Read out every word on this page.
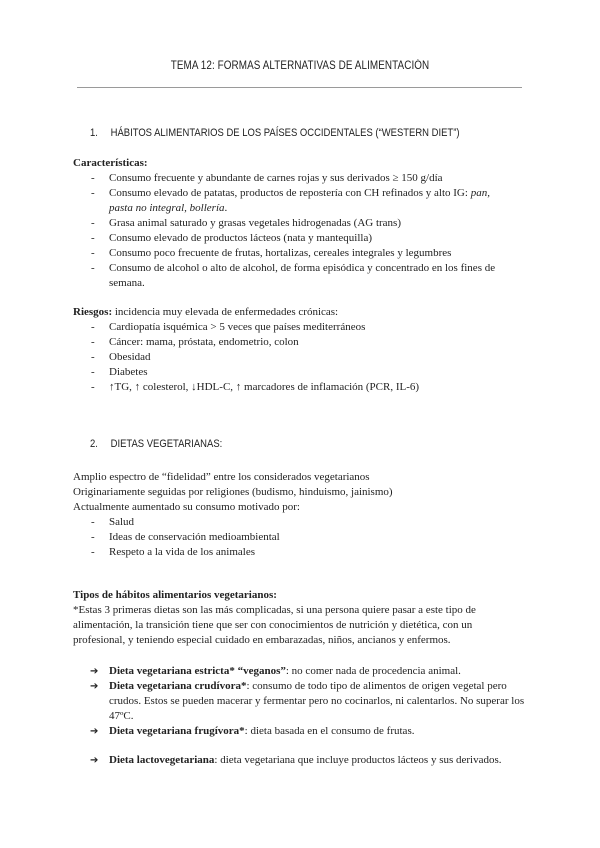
TEMA 12: FORMAS ALTERNATIVAS DE ALIMENTACIÓN
1. HÁBITOS ALIMENTARIOS DE LOS PAÍSES OCCIDENTALES (“WESTERN DIET”)
Características:
- Consumo frecuente y abundante de carnes rojas y sus derivados ≥ 150 g/día
- Consumo elevado de patatas, productos de repostería con CH refinados y alto IG: pan,
pasta no integral, bollería.
- Grasa animal saturado y grasas vegetales hidrogenadas (AG trans)
- Consumo elevado de productos lácteos (nata y mantequilla)
- Consumo poco frecuente de frutas, hortalizas, cereales integrales y legumbres
- Consumo de alcohol o alto de alcohol, de forma episódica y concentrado en los fines de semana.
Riesgos: incidencia muy elevada de enfermedades crónicas:
- Cardiopatía isquémica > 5 veces que países mediterráneos
- Cáncer: mama, próstata, endometrio, colon
- Obesidad
- Diabetes
- ↑TG, ↑ colesterol, ↓HDL-C, ↑ marcadores de inflamación (PCR, IL-6)
2. DIETAS VEGETARIANAS:
Amplio espectro de “fidelidad” entre los considerados vegetarianos
Originariamente seguidas por religiones (budismo, hinduismo, jainismo)
Actualmente aumentado su consumo motivado por:
- Salud
- Ideas de conservación medioambiental
- Respeto a la vida de los animales
Tipos de hábitos alimentarios vegetarianos:
*Estas 3 primeras dietas son las más complicadas, si una persona quiere pasar a este tipo de
alimentación, la transición tiene que ser con conocimientos de nutrición y dietética, con un
profesional, y teniendo especial cuidado en embarazadas, niños, ancianos y enfermos.
➔ Dieta vegetariana estricta* “veganos”: no comer nada de procedencia animal.
➔ Dieta vegetariana crudívora*: consumo de todo tipo de alimentos de origen vegetal pero crudos. Estos se pueden macerar y fermentar pero no cocinarlos, ni calentarlos. No superar los 47ºC.
➔ Dieta vegetariana frugívora*: dieta basada en el consumo de frutas.
➔ Dieta lactovegetariana: dieta vegetariana que incluye productos lácteos y sus derivados.
